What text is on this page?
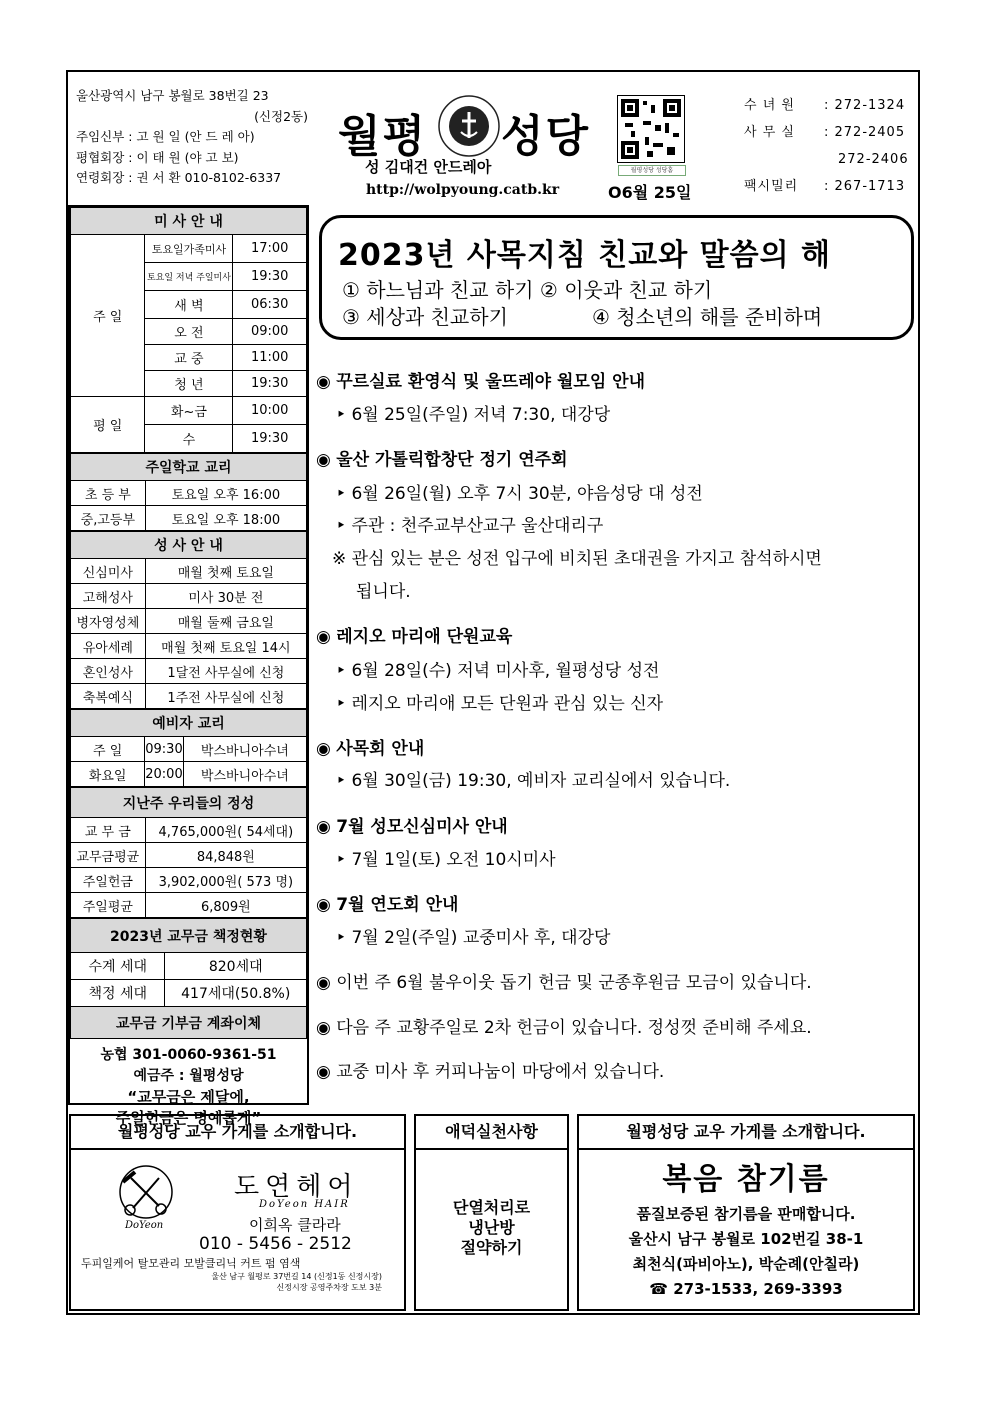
울산광역시 남구 봉월로 38번길 23
(신정2동)
주임신부 : 고 원 일 (안 드 레 아)
평협회장 : 이 태 원 (야 고 보)
연령회장 : 권 서 환 010-8102-6337
월평 성당
성 김대건 안드레아
http://wolpyoung.catb.kr
월평성당 성당홈
O6월 25일
수 녀 원 : 272-1324
사 무 실 : 272-2405
272-2406
팩시밀리 : 267-1713
미 사 안 내		
주 일	토요일가족미사	17:00
	토요일 저녁 주일미사	19:30
	새 벽	06:30
	오 전	09:00
	교 중	11:00
	청 년	19:30
평 일	화~금	10:00
	수	19:30
주일학교 교리	
초 등 부	토요일 오후 16:00
중,고등부	토요일 오후 18:00
성 사 안 내	
신심미사	매월 첫째 토요일
고해성사	미사 30분 전
병자영성체	매월 둘째 금요일
유아세례	매월 첫째 토요일 14시
혼인성사	1달전 사무실에 신청
축복예식	1주전 사무실에 신청
예비자 교리		
주 일	09:30	박스바니아수녀
화요일	20:00	박스바니아수녀
지난주 우리들의 정성	
교 무 금	4,765,000원( 54세대)
교무금평균	84,848원
주일헌금	3,902,000원( 573 명)
주일평균	6,809원
2023년 교무금 책정현황	
수계 세대	820세대
책정 세대	417세대(50.8%)
교무금 기부금 계좌이체	
농협 301-0060-9361-51
예금주 : 월평성당
“교무금은 제달에,
주일헌금은 명예롭게”
2023년 사목지침 친교와 말씀의 해
① 하느님과 친교 하기 ② 이웃과 친교 하기
③ 세상과 친교하기	④ 청소년의 해를 준비하며
◉ 꾸르실료 환영식 및 울뜨레야 월모임 안내
‣ 6월 25일(주일) 저녁 7:30, 대강당
◉ 울산 가톨릭합창단 정기 연주회
‣ 6월 26일(월) 오후 7시 30분, 야음성당 대 성전
‣ 주관 : 천주교부산교구 울산대리구
※ 관심 있는 분은 성전 입구에 비치된 초대권을 가지고 참석하시면
됩니다.
◉ 레지오 마리애 단원교육
‣ 6월 28일(수) 저녁 미사후, 월평성당 성전
‣ 레지오 마리애 모든 단원과 관심 있는 신자
◉ 사목회 안내
‣ 6월 30일(금) 19:30, 예비자 교리실에서 있습니다.
◉ 7월 성모신심미사 안내
‣ 7월 1일(토) 오전 10시미사
◉ 7월 연도회 안내
‣ 7월 2일(주일) 교중미사 후, 대강당
◉ 이번 주 6월 불우이웃 돕기 헌금 및 군종후원금 모금이 있습니다.
◉ 다음 주 교황주일로 2차 헌금이 있습니다. 정성껏 준비해 주세요.
◉ 교중 미사 후 커피나눔이 마당에서 있습니다.
월평성당 교우 가게를 소개합니다.
DoYeon
도연헤어
DoYeon HAIR
이희옥 클라라
010 - 5456 - 2512
두피일케어 탈모관리 모발클리닉 커트 펌 염색
울산 남구 월평로 37번길 14 (신정1동 신정시장)
신정시장 공영주차장 도보 3분
애덕실천사항
단열처리로
냉난방
절약하기
월평성당 교우 가게를 소개합니다.
복음 참기름
품질보증된 참기름을 판매합니다.
울산시 남구 봉월로 102번길 38-1
최천식(파비아노), 박순례(안칠라)
☎ 273-1533, 269-3393
